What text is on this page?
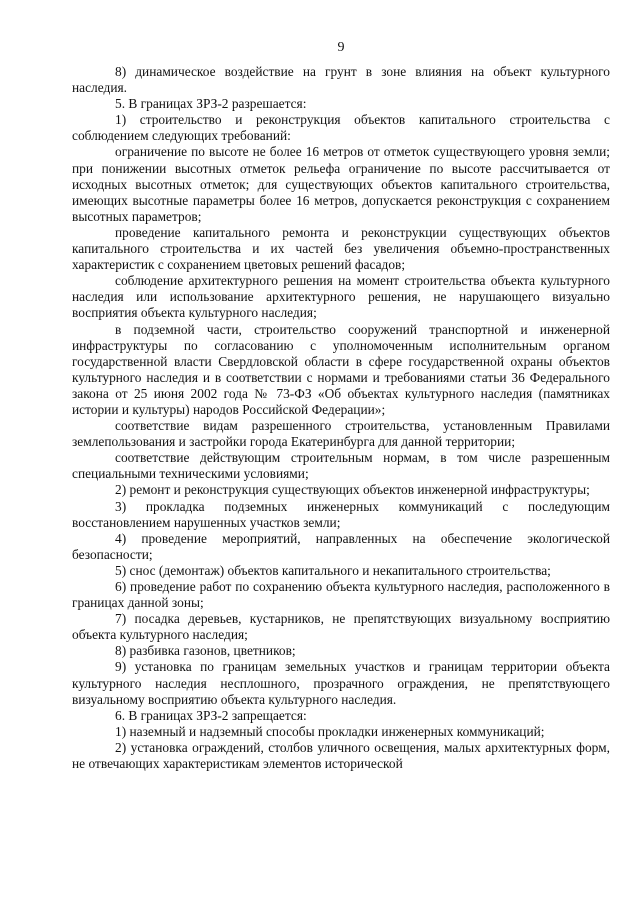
9

8) динамическое воздействие на грунт в зоне влияния на объект культурного наследия.

5. В границах ЗРЗ-2 разрешается:

1) строительство и реконструкция объектов капитального строительства с соблюдением следующих требований:

ограничение по высоте не более 16 метров от отметок существующего уровня земли; при понижении высотных отметок рельефа ограничение по высоте рассчитывается от исходных высотных отметок; для существующих объектов капитального строительства, имеющих высотные параметры более 16 метров, допускается реконструкция с сохранением высотных параметров;

проведение капитального ремонта и реконструкции существующих объектов капитального строительства и их частей без увеличения объемно-пространственных характеристик с сохранением цветовых решений фасадов;

соблюдение архитектурного решения на момент строительства объекта культурного наследия или использование архитектурного решения, не нарушающего визуально восприятия объекта культурного наследия;

в подземной части, строительство сооружений транспортной и инженерной инфраструктуры по согласованию с уполномоченным исполнительным органом государственной власти Свердловской области в сфере государственной охраны объектов культурного наследия и в соответствии с нормами и требованиями статьи 36 Федерального закона от 25 июня 2002 года № 73-ФЗ «Об объектах культурного наследия (памятниках истории и культуры) народов Российской Федерации»;

соответствие видам разрешенного строительства, установленным Правилами землепользования и застройки города Екатеринбурга для данной территории;

соответствие действующим строительным нормам, в том числе разрешенным специальными техническими условиями;

2) ремонт и реконструкция существующих объектов инженерной инфраструктуры;

3) прокладка подземных инженерных коммуникаций с последующим восстановлением нарушенных участков земли;

4) проведение мероприятий, направленных на обеспечение экологической безопасности;

5) снос (демонтаж) объектов капитального и некапитального строительства;

6) проведение работ по сохранению объекта культурного наследия, расположенного в границах данной зоны;

7) посадка деревьев, кустарников, не препятствующих визуальному восприятию объекта культурного наследия;

8) разбивка газонов, цветников;

9) установка по границам земельных участков и границам территории объекта культурного наследия несплошного, прозрачного ограждения, не препятствующего визуальному восприятию объекта культурного наследия.

6. В границах ЗРЗ-2 запрещается:

1) наземный и надземный способы прокладки инженерных коммуникаций;

2) установка ограждений, столбов уличного освещения, малых архитектурных форм, не отвечающих характеристикам элементов исторической
